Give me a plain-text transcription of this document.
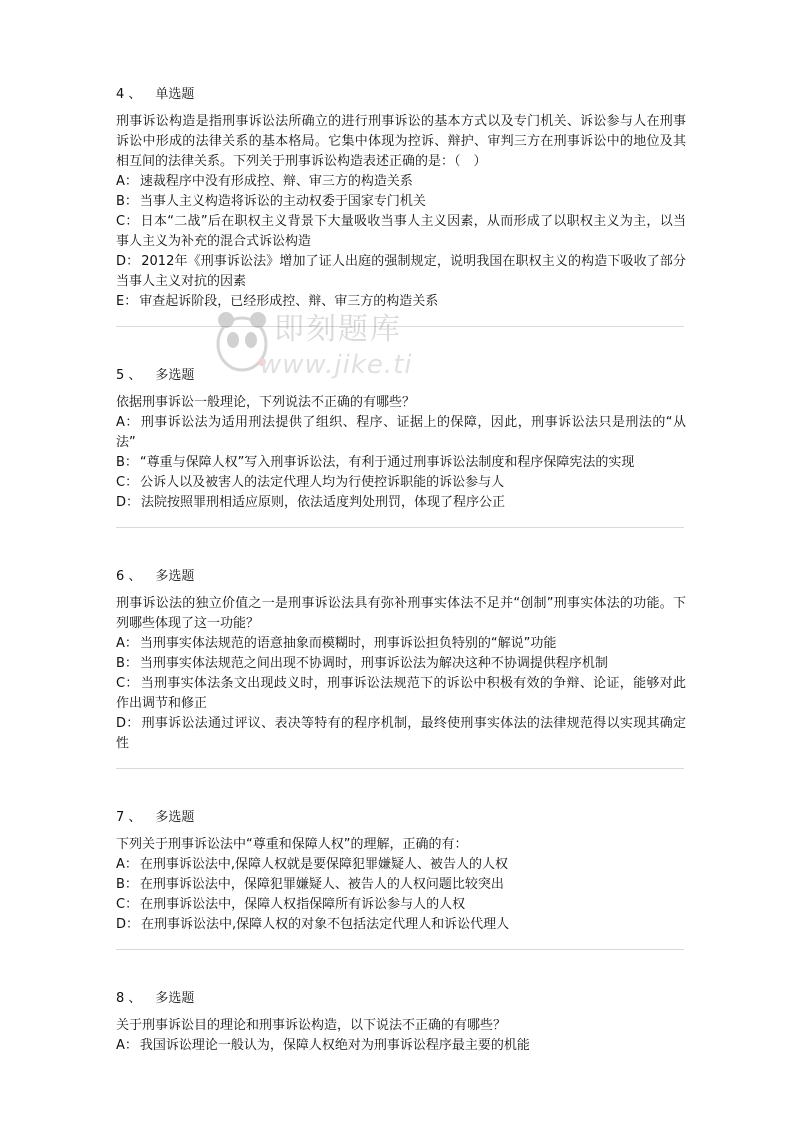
4 、 单选题

刑事诉讼构造是指刑事诉讼法所确立的进行刑事诉讼的基本方式以及专门机关、诉讼参与人在刑事诉讼中形成的法律关系的基本格局。它集中体现为控诉、辩护、审判三方在刑事诉讼中的地位及其相互间的法律关系。下列关于刑事诉讼构造表述正确的是：（　）

A： 速裁程序中没有形成控、辩、审三方的构造关系

B： 当事人主义构造将诉讼的主动权委于国家专门机关

C： 日本“二战”后在职权主义背景下大量吸收当事人主义因素，从而形成了以职权主义为主，以当事人主义为补充的混合式诉讼构造

D： 2012年《刑事诉讼法》增加了证人出庭的强制规定，说明我国在职权主义的构造下吸收了部分当事人主义对抗的因素

E： 审查起诉阶段，已经形成控、辩、审三方的构造关系

5 、 多选题

依据刑事诉讼一般理论，下列说法不正确的有哪些？

A： 刑事诉讼法为适用刑法提供了组织、程序、证据上的保障，因此，刑事诉讼法只是刑法的“从法”

B： “尊重与保障人权”写入刑事诉讼法，有利于通过刑事诉讼法制度和程序保障宪法的实现

C： 公诉人以及被害人的法定代理人均为行使控诉职能的诉讼参与人

D： 法院按照罪刑相适应原则，依法适度判处刑罚，体现了程序公正

6 、 多选题

刑事诉讼法的独立价值之一是刑事诉讼法具有弥补刑事实体法不足并“创制”刑事实体法的功能。下列哪些体现了这一功能？

A： 当刑事实体法规范的语意抽象而模糊时，刑事诉讼担负特别的“解说”功能

B： 当刑事实体法规范之间出现不协调时，刑事诉讼法为解决这种不协调提供程序机制

C： 当刑事实体法条文出现歧义时，刑事诉讼法规范下的诉讼中积极有效的争辩、论证，能够对此作出调节和修正

D： 刑事诉讼法通过评议、表决等特有的程序机制，最终使刑事实体法的法律规范得以实现其确定性

7 、 多选题

下列关于刑事诉讼法中“尊重和保障人权”的理解，正确的有：

A： 在刑事诉讼法中,保障人权就是要保障犯罪嫌疑人、被告人的人权

B： 在刑事诉讼法中，保障犯罪嫌疑人、被告人的人权问题比较突出

C： 在刑事诉讼法中，保障人权指保障所有诉讼参与人的人权

D： 在刑事诉讼法中,保障人权的对象不包括法定代理人和诉讼代理人

8 、 多选题

关于刑事诉讼目的理论和刑事诉讼构造，以下说法不正确的有哪些？

A： 我国诉讼理论一般认为，保障人权绝对为刑事诉讼程序最主要的机能

即刻题库
www.jike.ti
